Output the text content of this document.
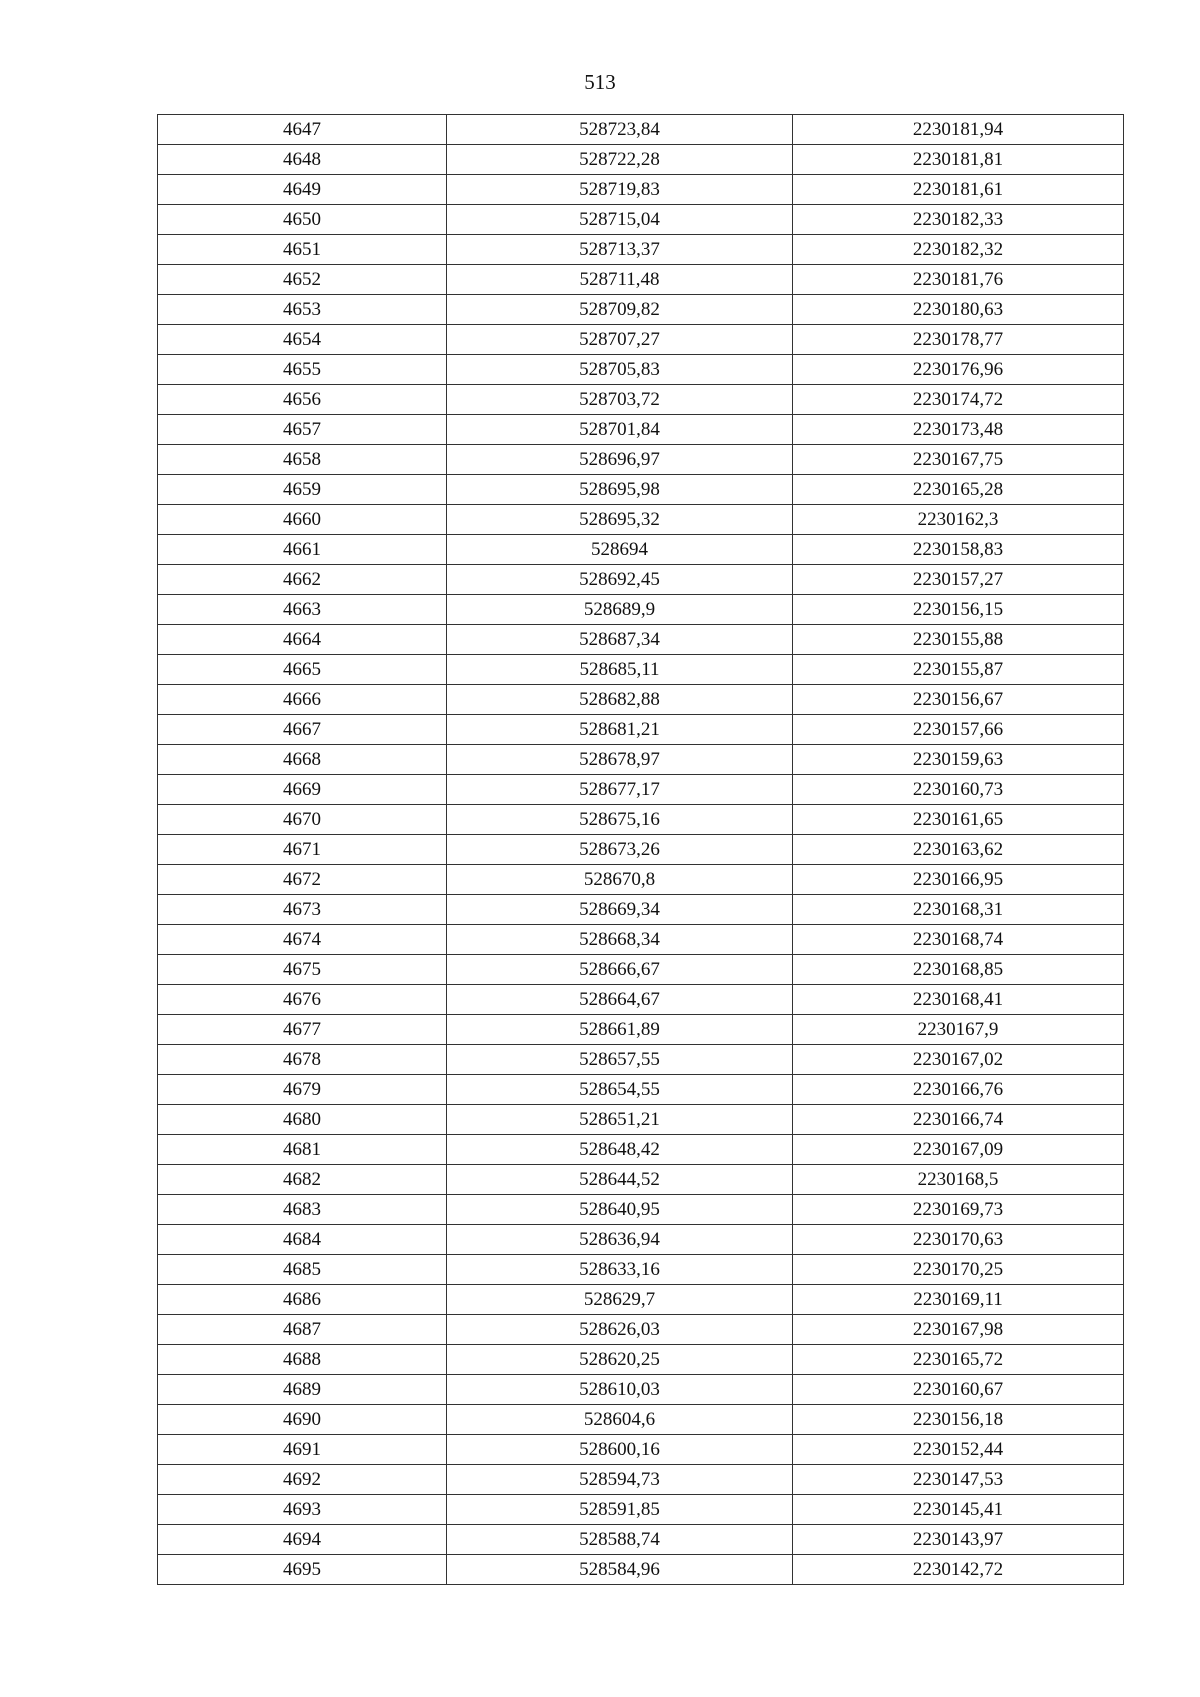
513
4647	528723,84	2230181,94
4648	528722,28	2230181,81
4649	528719,83	2230181,61
4650	528715,04	2230182,33
4651	528713,37	2230182,32
4652	528711,48	2230181,76
4653	528709,82	2230180,63
4654	528707,27	2230178,77
4655	528705,83	2230176,96
4656	528703,72	2230174,72
4657	528701,84	2230173,48
4658	528696,97	2230167,75
4659	528695,98	2230165,28
4660	528695,32	2230162,3
4661	528694	2230158,83
4662	528692,45	2230157,27
4663	528689,9	2230156,15
4664	528687,34	2230155,88
4665	528685,11	2230155,87
4666	528682,88	2230156,67
4667	528681,21	2230157,66
4668	528678,97	2230159,63
4669	528677,17	2230160,73
4670	528675,16	2230161,65
4671	528673,26	2230163,62
4672	528670,8	2230166,95
4673	528669,34	2230168,31
4674	528668,34	2230168,74
4675	528666,67	2230168,85
4676	528664,67	2230168,41
4677	528661,89	2230167,9
4678	528657,55	2230167,02
4679	528654,55	2230166,76
4680	528651,21	2230166,74
4681	528648,42	2230167,09
4682	528644,52	2230168,5
4683	528640,95	2230169,73
4684	528636,94	2230170,63
4685	528633,16	2230170,25
4686	528629,7	2230169,11
4687	528626,03	2230167,98
4688	528620,25	2230165,72
4689	528610,03	2230160,67
4690	528604,6	2230156,18
4691	528600,16	2230152,44
4692	528594,73	2230147,53
4693	528591,85	2230145,41
4694	528588,74	2230143,97
4695	528584,96	2230142,72
